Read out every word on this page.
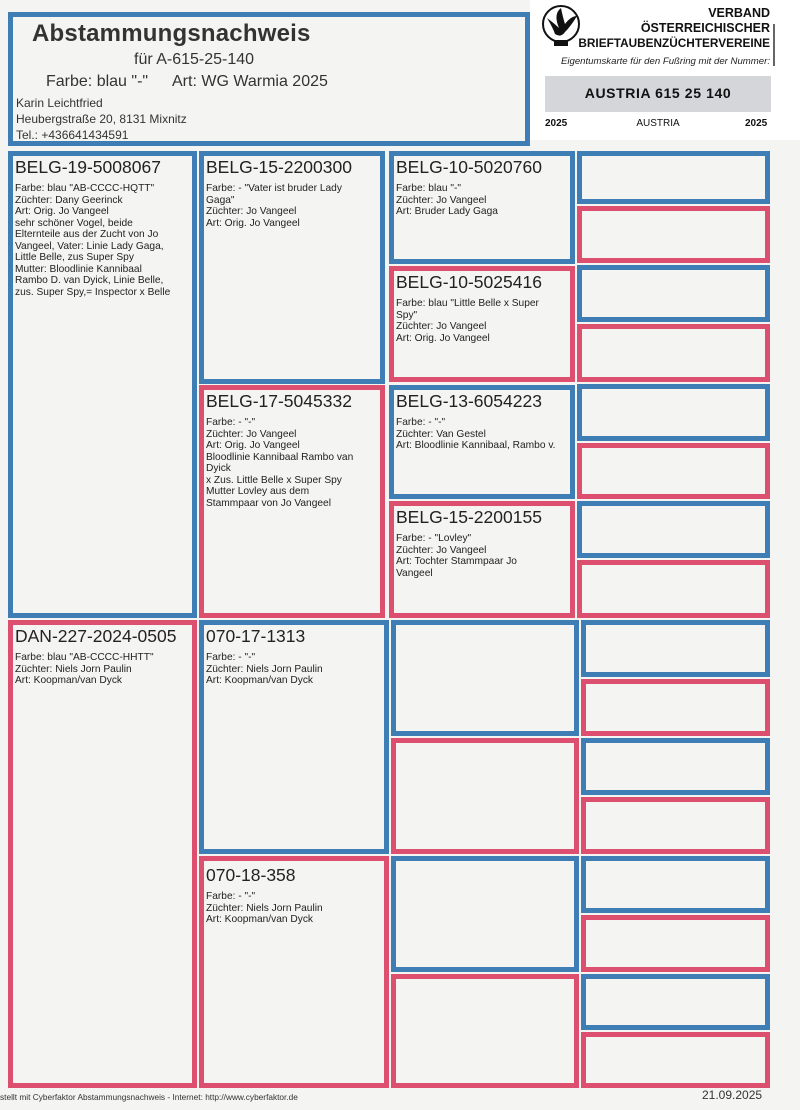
Abstammungsnachweis
für A-615-25-140
Farbe: blau "-" Art: WG Warmia 2025
Karin Leichtfried
Heubergstraße 20, 8131 Mixnitz
Tel.: +436641434591
VERBAND
ÖSTERREICHISCHER
BRIEFTAUBENZÜCHTERVEREINE
Eigentumskarte für den Fußring mit der Nummer:
AUSTRIA 615 25 140
2025	AUSTRIA	2025
BELG-19-5008067
Farbe: blau "AB-CCCC-HQTT"
Züchter: Dany Geerinck
Art: Orig. Jo Vangeel
sehr schöner Vogel, beide
Elternteile aus der Zucht von Jo
Vangeel, Vater: Linie Lady Gaga,
Little Belle, zus Super Spy
Mutter: Bloodlinie Kannibaal
Rambo D. van Dyick, Linie Belle,
zus. Super Spy,= Inspector x Belle
DAN-227-2024-0505
Farbe: blau "AB-CCCC-HHTT"
Züchter: Niels Jorn Paulin
Art: Koopman/van Dyck
BELG-15-2200300
Farbe: - "Vater ist bruder Lady
Gaga"
Züchter: Jo Vangeel
Art: Orig. Jo Vangeel
BELG-17-5045332
Farbe: - "-"
Züchter: Jo Vangeel
Art: Orig. Jo Vangeel
Bloodlinie Kannibaal Rambo van
Dyick
x Zus. Little Belle x Super Spy
Mutter Lovley aus dem
Stammpaar von Jo Vangeel
070-17-1313
Farbe: - "-"
Züchter: Niels Jorn Paulin
Art: Koopman/van Dyck
070-18-358
Farbe: - "-"
Züchter: Niels Jorn Paulin
Art: Koopman/van Dyck
BELG-10-5020760
Farbe: blau "-"
Züchter: Jo Vangeel
Art: Bruder Lady Gaga
BELG-10-5025416
Farbe: blau "Little Belle x Super
Spy"
Züchter: Jo Vangeel
Art: Orig. Jo Vangeel
BELG-13-6054223
Farbe: - "-"
Züchter: Van Gestel
Art: Bloodlinie Kannibaal, Rambo v.
BELG-15-2200155
Farbe: - "Lovley"
Züchter: Jo Vangeel
Art: Tochter Stammpaar Jo
Vangeel
stellt mit Cyberfaktor Abstammungsnachweis - Internet: http://www.cyberfaktor.de	21.09.2025
